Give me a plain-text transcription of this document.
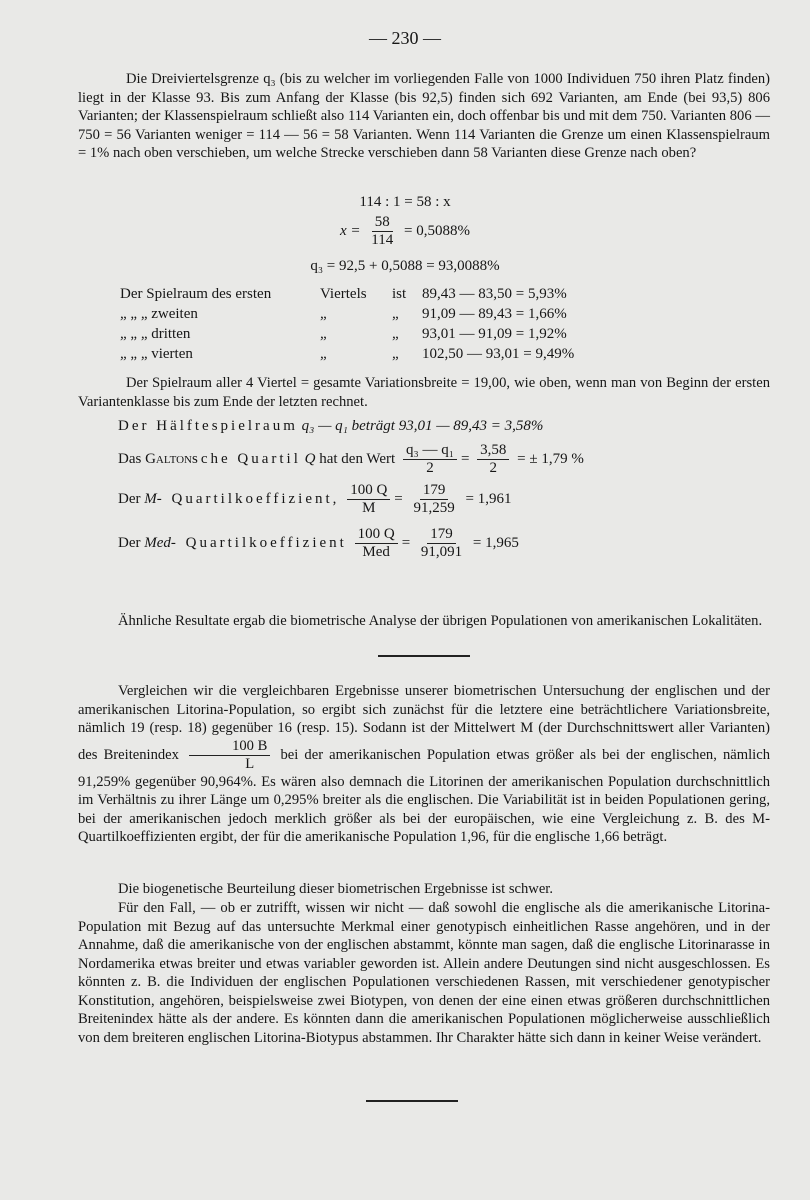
— 230 —
Die Dreiviertelsgrenze q₃ (bis zu welcher im vorliegenden Falle von 1000 Individuen 750 ihren Platz finden) liegt in der Klasse 93. Bis zum Anfang der Klasse (bis 92,5) finden sich 692 Varianten, am Ende (bei 93,5) 806 Varianten; der Klassenspielraum schließt also 114 Varianten ein, doch offenbar bis und mit dem 750. Varianten 806 — 750 = 56 Varianten weniger = 114 — 56 = 58 Varianten. Wenn 114 Varianten die Grenze um einen Klassenspielraum = 1% nach oben verschieben, um welche Strecke verschieben dann 58 Varianten diese Grenze nach oben?
114 : 1 = 58 : x
$x = \frac{58}{114} = 0,5088\%$
q₃ = 92,5 + 0,5088 = 93,0088%
Der Spielraum des ersten	Viertels ist 89,43 — 83,50 = 5,93%
„ „ „ zweiten	„	„ 91,09 — 89,43 = 1,66%
„ „ „ dritten	„	„ 93,01 — 91,09 = 1,92%
„ „ „ vierten	„	„ 102,50 — 93,01 = 9,49%
Der Spielraum aller 4 Viertel = gesamte Variationsbreite = 19,00, wie oben, wenn man von Beginn der ersten Variantenklasse bis zum Ende der letzten rechnet.
Der Hälftespielraum q₃ — q₁ beträgt 93,01 — 89,43 = 3,58%
Das Galtonsche Quartil Q hat den Wert $\frac{\text{q₃ — q₁}}{2} = \frac{3,58}{2}$ = ± 1,79 %
Der M- Quartilkoeffizient, $\frac{100 Q}{M} = \frac{179}{91,259} = 1,961$
Der Med- Quartilkoeffizient $\frac{100 Q}{\text{Med}} = \frac{179}{91,091} = 1,965$
Ähnliche Resultate ergab die biometrische Analyse der übrigen Populationen von amerikanischen Lokalitäten.
Vergleichen wir die vergleichbaren Ergebnisse unserer biometrischen Untersuchung der englischen und der amerikanischen Litorina-Population, so ergibt sich zunächst für die letztere eine beträchtlichere Variationsbreite, nämlich 19 (resp. 18) gegenüber 16 (resp. 15). Sodann ist der Mittelwert M (der Durchschnittswert aller Varianten) des Breitenindex $\frac{100 B}{L}$ bei der amerikanischen Population etwas größer als bei der englischen, nämlich 91,259% gegenüber 90,964%. Es wären also demnach die Litorinen der amerikanischen Population durchschnittlich im Verhältnis zu ihrer Länge um 0,295% breiter als die englischen. Die Variabilität ist in beiden Populationen gering, bei der amerikanischen jedoch merklich größer als bei der europäischen, wie eine Vergleichung z. B. des M-Quartilkoeffizienten ergibt, der für die amerikanische Population 1,96, für die englische 1,66 beträgt.
Die biogenetische Beurteilung dieser biometrischen Ergebnisse ist schwer.
Für den Fall, — ob er zutrifft, wissen wir nicht — daß sowohl die englische als die amerikanische Litorina-Population mit Bezug auf das untersuchte Merkmal einer genotypisch einheitlichen Rasse angehören, und in der Annahme, daß die amerikanische von der englischen abstammt, könnte man sagen, daß die englische Litorinarasse in Nordamerika etwas breiter und etwas variabler geworden ist. Allein andere Deutungen sind nicht ausgeschlossen. Es könnten z. B. die Individuen der englischen Populationen verschiedenen Rassen, mit verschiedener genotypischer Konstitution, angehören, beispielsweise zwei Biotypen, von denen der eine einen etwas größeren durchschnittlichen Breitenindex hätte als der andere. Es könnten dann die amerikanischen Populationen möglicherweise ausschließlich von dem breiteren englischen Litorina-Biotypus abstammen. Ihr Charakter hätte sich dann in keiner Weise verändert.
